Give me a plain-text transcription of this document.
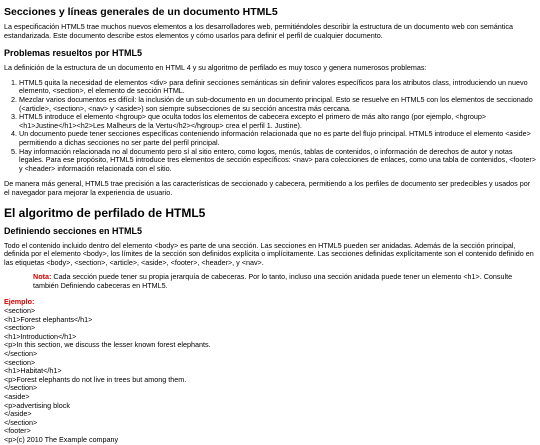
Secciones y líneas generales de un documento HTML5

La especificación HTML5 trae muchos nuevos elementos a los desarrolladores web, permitiéndoles describir la estructura de un documento web con semántica estandarizada. Este documento describe estos elementos y cómo usarlos para definir el perfil de cualquier documento.

Problemas resueltos por HTML5

La definición de la estructura de un documento en HTML 4 y su algoritmo de perfilado es muy tosco y genera numerosos problemas:

1. HTML5 quita la necesidad de elementos <div> para definir secciones semánticas sin definir valores específicos para los atributos class, introduciendo un nuevo elemento, <section>, el elemento de sección HTML.
2. Mezclar varios documentos es difícil: la inclusión de un sub-documento en un documento principal. Esto se resuelve en HTML5 con los elementos de seccionado (<article>, <section>, <nav> y <aside>) son siempre subsecciones de su sección ancestra más cercana.
3. HTML5 introduce el elemento <hgroup> que oculta todos los elementos de cabecera excepto el primero de más alto rango (por ejemplo, <hgroup><h1>Justine</h1><h2>Les Malheurs de la Vertu</h2></hgroup> crea el perfil 1. Justine).
4. Un documento puede tener secciones específicas conteniendo información relacionada que no es parte del flujo principal. HTML5 introduce el elemento <aside> permitiendo a dichas secciones no ser parte del perfil principal.
5. Hay información relacionada no al documento pero sí al sitio entero, como logos, menús, tablas de contenidos, o información de derechos de autor y notas legales. Para ese propósito, HTML5 introduce tres elementos de sección específicos: <nav> para colecciones de enlaces, como una tabla de contenidos, <footer> y <header> información relacionada con el sitio.

De manera más general, HTML5 trae precisión a las características de seccionado y cabecera, permitiendo a los perfiles de documento ser predecibles y usados por el navegador para mejorar la experiencia de usuario.

El algoritmo de perfilado de HTML5
Definiendo secciones en HTML5

Todo el contenido incluido dentro del elemento <body> es parte de una sección. Las secciones en HTML5 pueden ser anidadas. Además de la sección principal, definida por el elemento <body>, los límites de la sección son definidos explícita o implícitamente. Las secciones definidas explícitamente son el contenido definido en las etiquetas <body>, <section>, <article>, <aside>, <footer>, <header>, y <nav>.

Nota: Cada sección puede tener su propia jerarquía de cabeceras. Por lo tanto, incluso una sección anidada puede tener un elemento <h1>. Consulte también Definiendo cabeceras en HTML5.
Ejemplo:
<section>
<h1>Forest elephants</h1>
<section>
<h1>Introduction</h1>
<p>In this section, we discuss the lesser known forest elephants.
</section>
<section>
<h1>Habitat</h1>
<p>Forest elephants do not live in trees but among them.
</section>
<aside>
<p>advertising block
</aside>
</section>
<footer>
<p>(c) 2010 The Example company
